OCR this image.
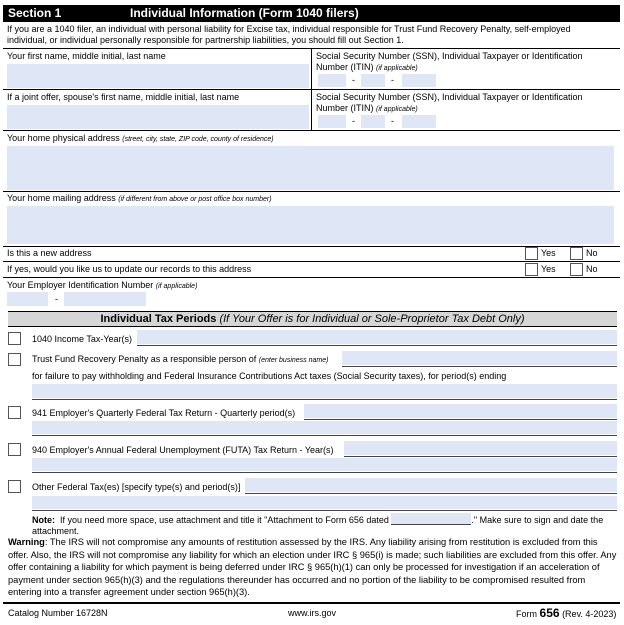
Section 1	Individual Information (Form 1040 filers)
If you are a 1040 filer, an individual with personal liability for Excise tax, individual responsible for Trust Fund Recovery Penalty, self-employed individual, or individual personally responsible for partnership liabilities, you should fill out Section 1.
Your first name, middle initial, last name	Social Security Number (SSN), Individual Taxpayer or Identification Number (ITIN) (if applicable)
-	-
If a joint offer, spouse's first name, middle initial, last name	Social Security Number (SSN), Individual Taxpayer or Identification Number (ITIN) (if applicable)
-	-
Your home physical address (street, city, state, ZIP code, county of residence)
Your home mailing address (if different from above or post office box number)
Is this a new address	Yes	No
If yes, would you like us to update our records to this address	Yes	No
Your Employer Identification Number (if applicable)
-
Individual Tax Periods (If Your Offer is for Individual or Sole-Proprietor Tax Debt Only)
1040 Income Tax-Year(s)
Trust Fund Recovery Penalty as a responsible person of (enter business name)
for failure to pay withholding and Federal Insurance Contributions Act taxes (Social Security taxes), for period(s) ending
941 Employer's Quarterly Federal Tax Return - Quarterly period(s)
940 Employer's Annual Federal Unemployment (FUTA) Tax Return - Year(s)
Other Federal Tax(es) [specify type(s) and period(s)]
Note: If you need more space, use attachment and title it "Attachment to Form 656 dated	." Make sure to sign and date the attachment.
Warning: The IRS will not compromise any amounts of restitution assessed by the IRS. Any liability arising from restitution is excluded from this offer. Also, the IRS will not compromise any liability for which an election under IRC § 965(i) is made; such liabilities are excluded from this offer. Any offer containing a liability for which payment is being deferred under IRC § 965(h)(1) can only be processed for investigation if an acceleration of payment under section 965(h)(3) and the regulations thereunder has occurred and no portion of the liability to be compromised resulted from entering into a transfer agreement under section 965(h)(3).
Catalog Number 16728N	www.irs.gov	Form 656 (Rev. 4-2023)
